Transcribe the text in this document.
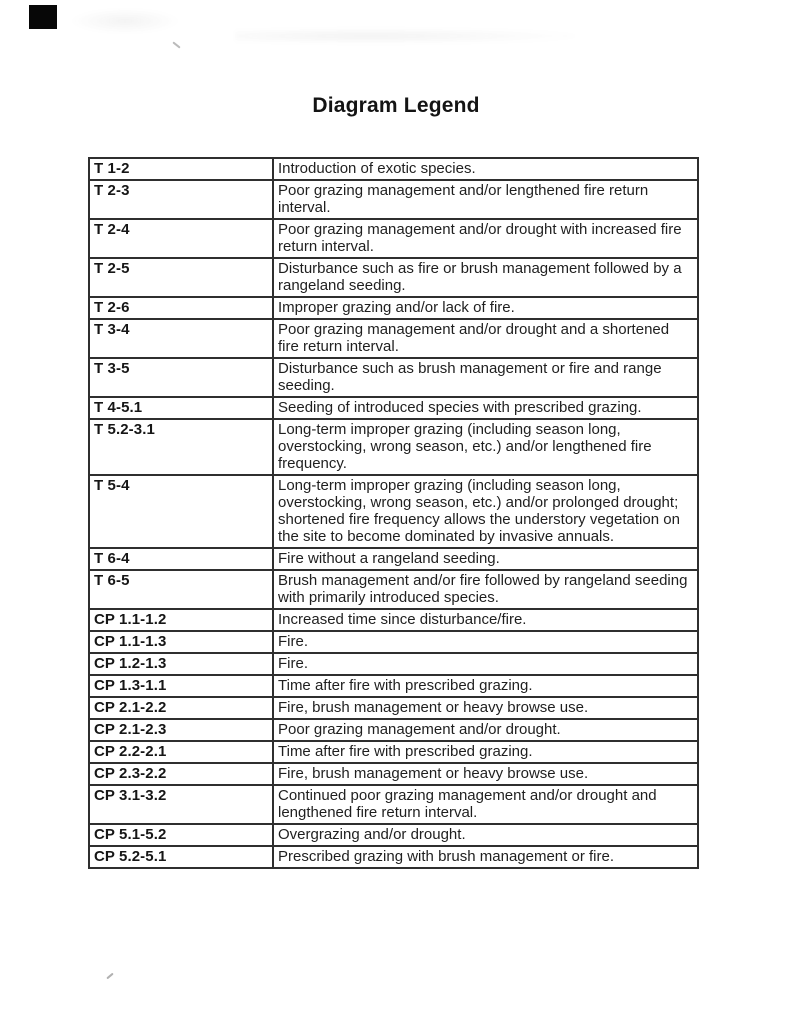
Diagram Legend
T 1-2	Introduction of exotic species.
T 2-3	Poor grazing management and/or lengthened fire return interval.
T 2-4	Poor grazing management and/or drought with increased fire return interval.
T 2-5	Disturbance such as fire or brush management followed by a rangeland seeding.
T 2-6	Improper grazing and/or lack of fire.
T 3-4	Poor grazing management and/or drought and a shortened fire return interval.
T 3-5	Disturbance such as brush management or fire and range seeding.
T 4-5.1	Seeding of introduced species with prescribed grazing.
T 5.2-3.1	Long-term improper grazing (including season long, overstocking, wrong season, etc.) and/or lengthened fire frequency.
T 5-4	Long-term improper grazing (including season long, overstocking, wrong season, etc.) and/or prolonged drought; shortened fire frequency allows the understory vegetation on the site to become dominated by invasive annuals.
T 6-4	Fire without a rangeland seeding.
T 6-5	Brush management and/or fire followed by rangeland seeding with primarily introduced species.
CP 1.1-1.2	Increased time since disturbance/fire.
CP 1.1-1.3	Fire.
CP 1.2-1.3	Fire.
CP 1.3-1.1	Time after fire with prescribed grazing.
CP 2.1-2.2	Fire, brush management or heavy browse use.
CP 2.1-2.3	Poor grazing management and/or drought.
CP 2.2-2.1	Time after fire with prescribed grazing.
CP 2.3-2.2	Fire, brush management or heavy browse use.
CP 3.1-3.2	Continued poor grazing management and/or drought and lengthened fire return interval.
CP 5.1-5.2	Overgrazing and/or drought.
CP 5.2-5.1	Prescribed grazing with brush management or fire.
